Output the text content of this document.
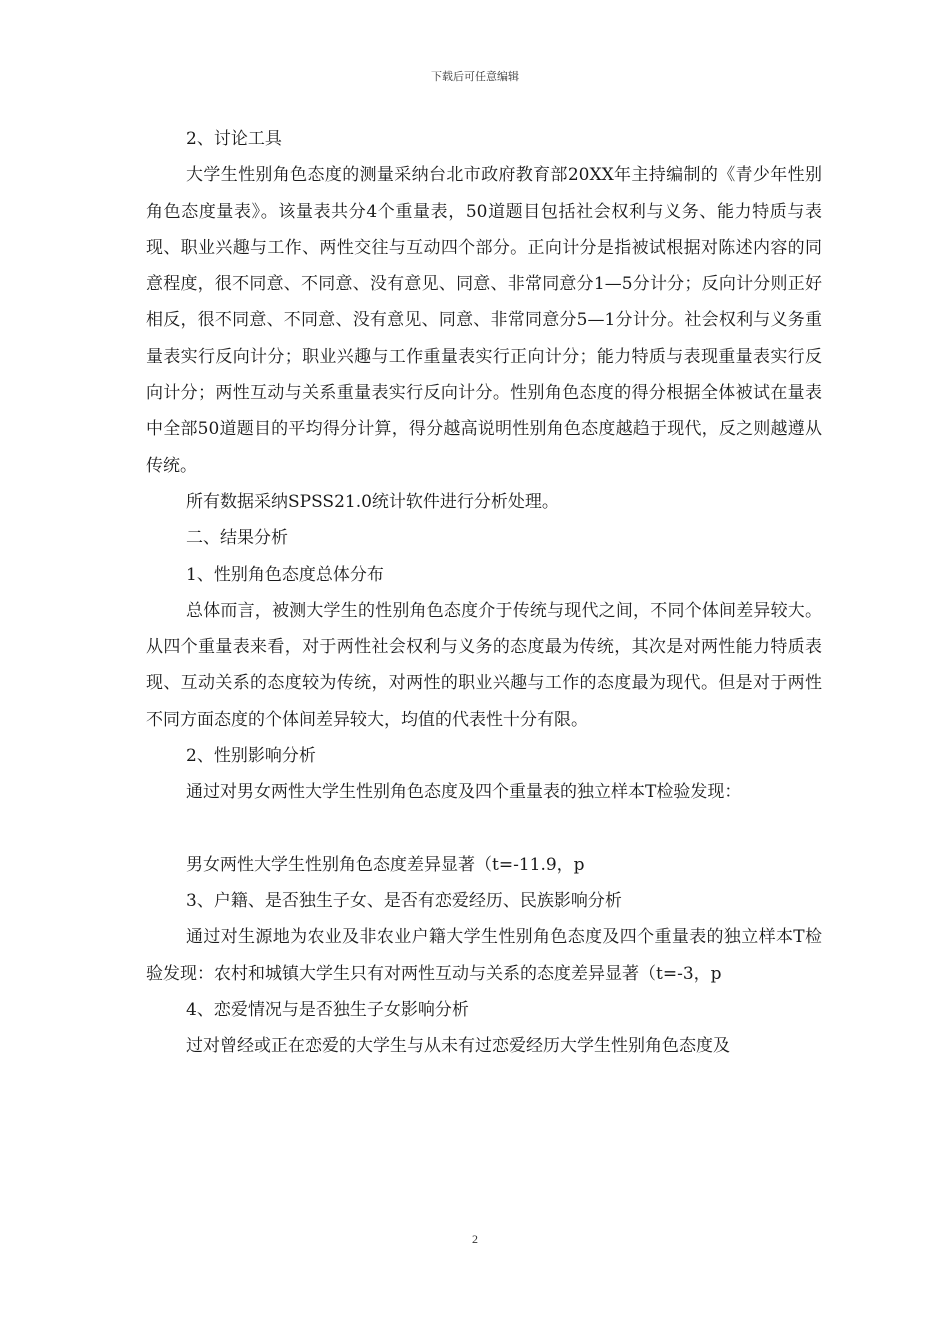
下载后可任意编辑

2、讨论工具

大学生性别角色态度的测量采纳台北市政府教育部20XX年主持编制的《青少年性别角色态度量表》。该量表共分4个重量表，50道题目包括社会权利与义务、能力特质与表现、职业兴趣与工作、两性交往与互动四个部分。正向计分是指被试根据对陈述内容的同意程度，很不同意、不同意、没有意见、同意、非常同意分1—5分计分；反向计分则正好相反，很不同意、不同意、没有意见、同意、非常同意分5—1分计分。社会权利与义务重量表实行反向计分；职业兴趣与工作重量表实行正向计分；能力特质与表现重量表实行反向计分；两性互动与关系重量表实行反向计分。性别角色态度的得分根据全体被试在量表中全部50道题目的平均得分计算，得分越高说明性别角色态度越趋于现代，反之则越遵从传统。

所有数据采纳SPSS21.0统计软件进行分析处理。

二、结果分析

1、性别角色态度总体分布

总体而言，被测大学生的性别角色态度介于传统与现代之间，不同个体间差异较大。从四个重量表来看，对于两性社会权利与义务的态度最为传统，其次是对两性能力特质表现、互动关系的态度较为传统，对两性的职业兴趣与工作的态度最为现代。但是对于两性不同方面态度的个体间差异较大，均值的代表性十分有限。

2、性别影响分析

通过对男女两性大学生性别角色态度及四个重量表的独立样本T检验发现：

男女两性大学生性别角色态度差异显著（t=-11.9，p

3、户籍、是否独生子女、是否有恋爱经历、民族影响分析

通过对生源地为农业及非农业户籍大学生性别角色态度及四个重量表的独立样本T检验发现：农村和城镇大学生只有对两性互动与关系的态度差异显著（t=-3，p

4、恋爱情况与是否独生子女影响分析

过对曾经或正在恋爱的大学生与从未有过恋爱经历大学生性别角色态度及

2
